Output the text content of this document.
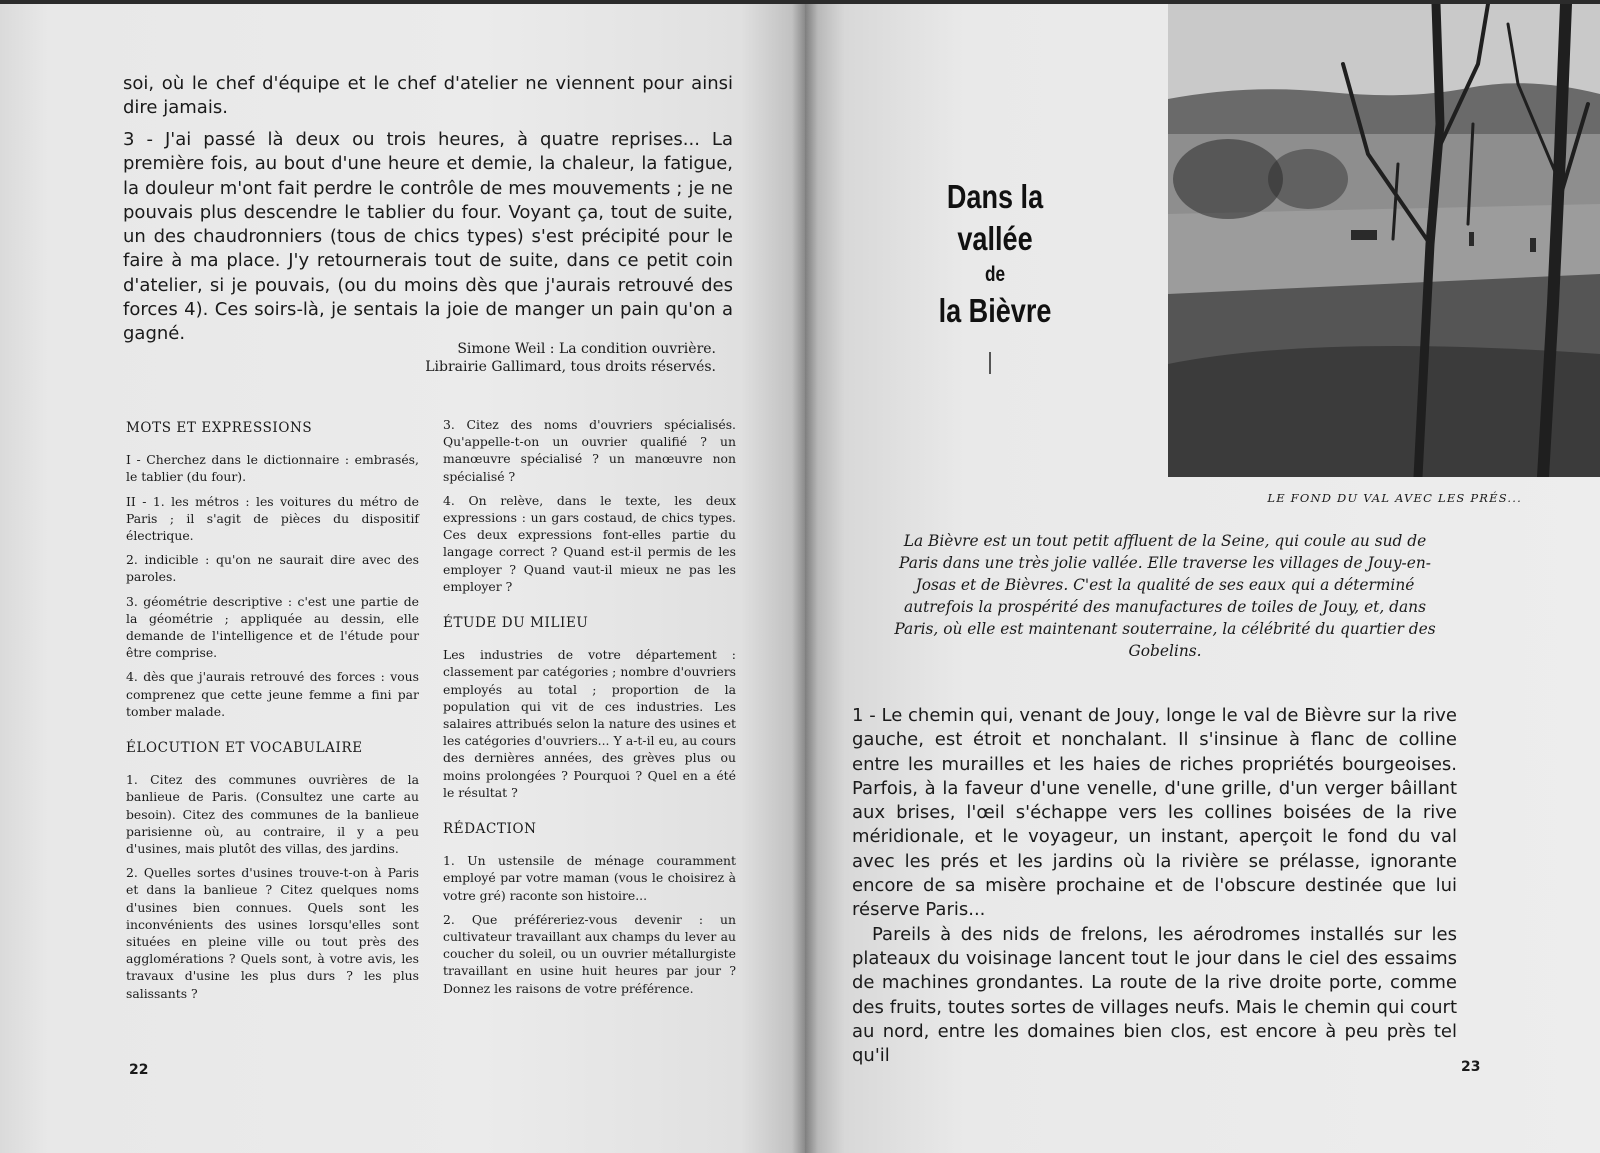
soi, où le chef d'équipe et le chef d'atelier ne viennent pour ainsi dire jamais.

3 - J'ai passé là deux ou trois heures, à quatre reprises... La première fois, au bout d'une heure et demie, la chaleur, la fatigue, la douleur m'ont fait perdre le contrôle de mes mouvements ; je ne pouvais plus descendre le tablier du four. Voyant ça, tout de suite, un des chaudronniers (tous de chics types) s'est précipité pour le faire à ma place. J'y retournerais tout de suite, dans ce petit coin d'atelier, si je pouvais, (ou du moins dès que j'aurais retrouvé des forces 4). Ces soirs-là, je sentais la joie de manger un pain qu'on a gagné.

Simone Weil : La condition ouvrière.
Librairie Gallimard, tous droits réservés.
MOTS ET EXPRESSIONS

I - Cherchez dans le dictionnaire : embrasés, le tablier (du four).

II - 1. les métros : les voitures du métro de Paris ; il s'agit de pièces du dispositif électrique.

2. indicible : qu'on ne saurait dire avec des paroles.

3. géométrie descriptive : c'est une partie de la géométrie ; appliquée au dessin, elle demande de l'intelligence et de l'étude pour être comprise.

4. dès que j'aurais retrouvé des forces : vous comprenez que cette jeune femme a fini par tomber malade.

ÉLOCUTION ET VOCABULAIRE

1. Citez des communes ouvrières de la banlieue de Paris. (Consultez une carte au besoin). Citez des communes de la banlieue parisienne où, au contraire, il y a peu d'usines, mais plutôt des villas, des jardins.

2. Quelles sortes d'usines trouve-t-on à Paris et dans la banlieue ? Citez quelques noms d'usines bien connues. Quels sont les inconvénients des usines lorsqu'elles sont situées en pleine ville ou tout près des agglomérations ? Quels sont, à votre avis, les travaux d'usine les plus durs ? les plus salissants ?

3. Citez des noms d'ouvriers spécialisés. Qu'appelle-t-on un ouvrier qualifié ? un manœuvre spécialisé ? un manœuvre non spécialisé ?

4. On relève, dans le texte, les deux expressions : un gars costaud, de chics types. Ces deux expressions font-elles partie du langage correct ? Quand est-il permis de les employer ? Quand vaut-il mieux ne pas les employer ?

ÉTUDE DU MILIEU

Les industries de votre département : classement par catégories ; nombre d'ouvriers employés au total ; proportion de la population qui vit de ces industries. Les salaires attribués selon la nature des usines et les catégories d'ouvriers... Y a-t-il eu, au cours des dernières années, des grèves plus ou moins prolongées ? Pourquoi ? Quel en a été le résultat ?

RÉDACTION

1. Un ustensile de ménage couramment employé par votre maman (vous le choisirez à votre gré) raconte son histoire...

2. Que préféreriez-vous devenir : un cultivateur travaillant aux champs du lever au coucher du soleil, ou un ouvrier métallurgiste travaillant en usine huit heures par jour ? Donnez les raisons de votre préférence.

22
Dans la vallée
de
la Bièvre
La Bièvre est un tout petit affluent de la Seine, qui coule au sud de Paris dans une très jolie vallée. Elle traverse les villages de Jouy-en-Josas et de Bièvres. C'est la qualité de ses eaux qui a déterminé autrefois la prospérité des manufactures de toiles de Jouy, et, dans Paris, où elle est maintenant souterraine, la célébrité du quartier des Gobelins.

1 - Le chemin qui, venant de Jouy, longe le val de Bièvre sur la rive gauche, est étroit et nonchalant. Il s'insinue à flanc de colline entre les murailles et les haies de riches propriétés bourgeoises. Parfois, à la faveur d'une venelle, d'une grille, d'un verger bâillant aux brises, l'œil s'échappe vers les collines boisées de la rive méridionale, et le voyageur, un instant, aperçoit le fond du val avec les prés et les jardins où la rivière se prélasse, ignorante encore de sa misère prochaine et de l'obscure destinée que lui réserve Paris...

Pareils à des nids de frelons, les aérodromes installés sur les plateaux du voisinage lancent tout le jour dans le ciel des essaims de machines grondantes. La route de la rive droite porte, comme des fruits, toutes sortes de villages neufs. Mais le chemin qui court au nord, entre les domaines bien clos, est encore à peu près tel qu'il

23
LE FOND DU VAL AVEC LES PRÉS...
